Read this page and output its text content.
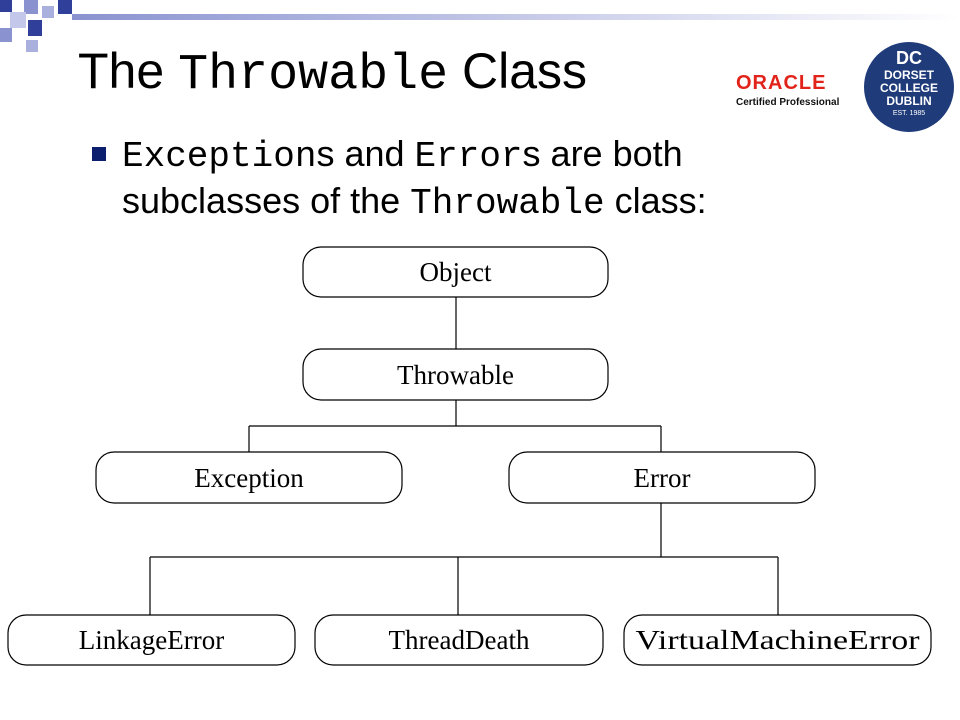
The Throwable Class	ORACLE
Certified Professional
DC
DORSET
COLLEGE
DUBLIN
EST. 1985
Exceptions and Errors are both
subclasses of the Throwable class:
Object
Throwable
Exception	Error
LinkageError	ThreadDeath	VirtualMachineError
